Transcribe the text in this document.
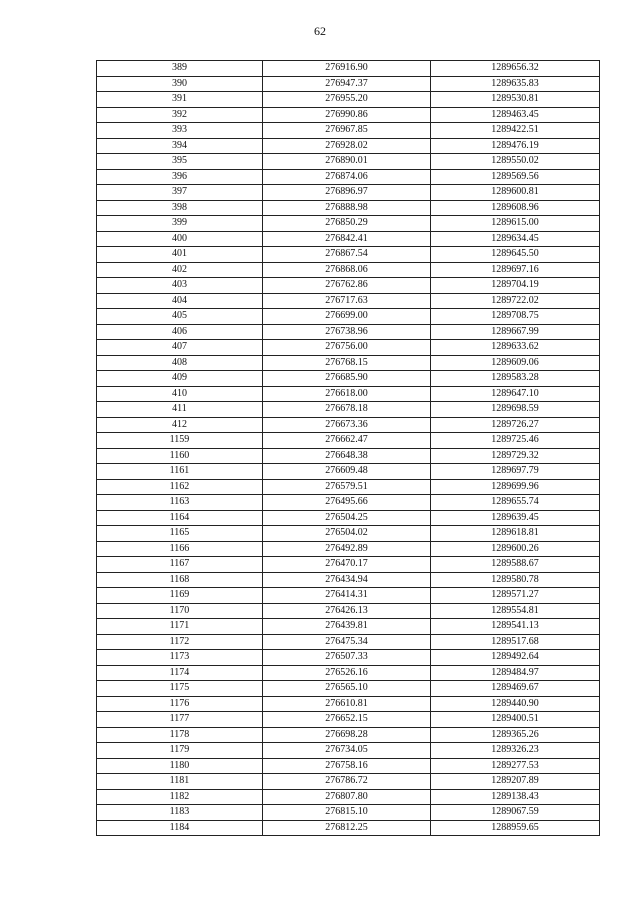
62
389	276916.90	1289656.32
390	276947.37	1289635.83
391	276955.20	1289530.81
392	276990.86	1289463.45
393	276967.85	1289422.51
394	276928.02	1289476.19
395	276890.01	1289550.02
396	276874.06	1289569.56
397	276896.97	1289600.81
398	276888.98	1289608.96
399	276850.29	1289615.00
400	276842.41	1289634.45
401	276867.54	1289645.50
402	276868.06	1289697.16
403	276762.86	1289704.19
404	276717.63	1289722.02
405	276699.00	1289708.75
406	276738.96	1289667.99
407	276756.00	1289633.62
408	276768.15	1289609.06
409	276685.90	1289583.28
410	276618.00	1289647.10
411	276678.18	1289698.59
412	276673.36	1289726.27
1159	276662.47	1289725.46
1160	276648.38	1289729.32
1161	276609.48	1289697.79
1162	276579.51	1289699.96
1163	276495.66	1289655.74
1164	276504.25	1289639.45
1165	276504.02	1289618.81
1166	276492.89	1289600.26
1167	276470.17	1289588.67
1168	276434.94	1289580.78
1169	276414.31	1289571.27
1170	276426.13	1289554.81
1171	276439.81	1289541.13
1172	276475.34	1289517.68
1173	276507.33	1289492.64
1174	276526.16	1289484.97
1175	276565.10	1289469.67
1176	276610.81	1289440.90
1177	276652.15	1289400.51
1178	276698.28	1289365.26
1179	276734.05	1289326.23
1180	276758.16	1289277.53
1181	276786.72	1289207.89
1182	276807.80	1289138.43
1183	276815.10	1289067.59
1184	276812.25	1288959.65
